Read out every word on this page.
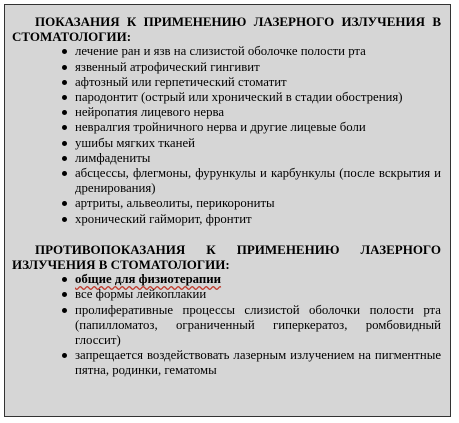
ПОКАЗАНИЯ К ПРИМЕНЕНИЮ ЛАЗЕРНОГО ИЗЛУЧЕНИЯ В СТОМАТОЛОГИИ:

лечение ран и язв на слизистой оболочке полости рта
язвенный атрофический гингивит
афтозный или герпетический стоматит
пародонтит (острый или хронический в стадии обострения)
нейропатия лицевого нерва
невралгия тройничного нерва и другие лицевые боли
ушибы мягких тканей
лимфадениты
абсцессы, флегмоны, фурункулы и карбункулы (после вскрытия и дренирования)
артриты, альвеолиты, перикорониты
хронический гайморит, фронтит

ПРОТИВОПОКАЗАНИЯ К ПРИМЕНЕНИЮ ЛАЗЕРНОГО ИЗЛУЧЕНИЯ В СТОМАТОЛОГИИ:

общие для физиотерапии
все формы лейкоплакии
пролиферативные процессы слизистой оболочки полости рта (папилломатоз, ограниченный гиперкератоз, ромбовидный глоссит)
запрещается воздействовать лазерным излучением на пигментные пятна, родинки, гематомы
